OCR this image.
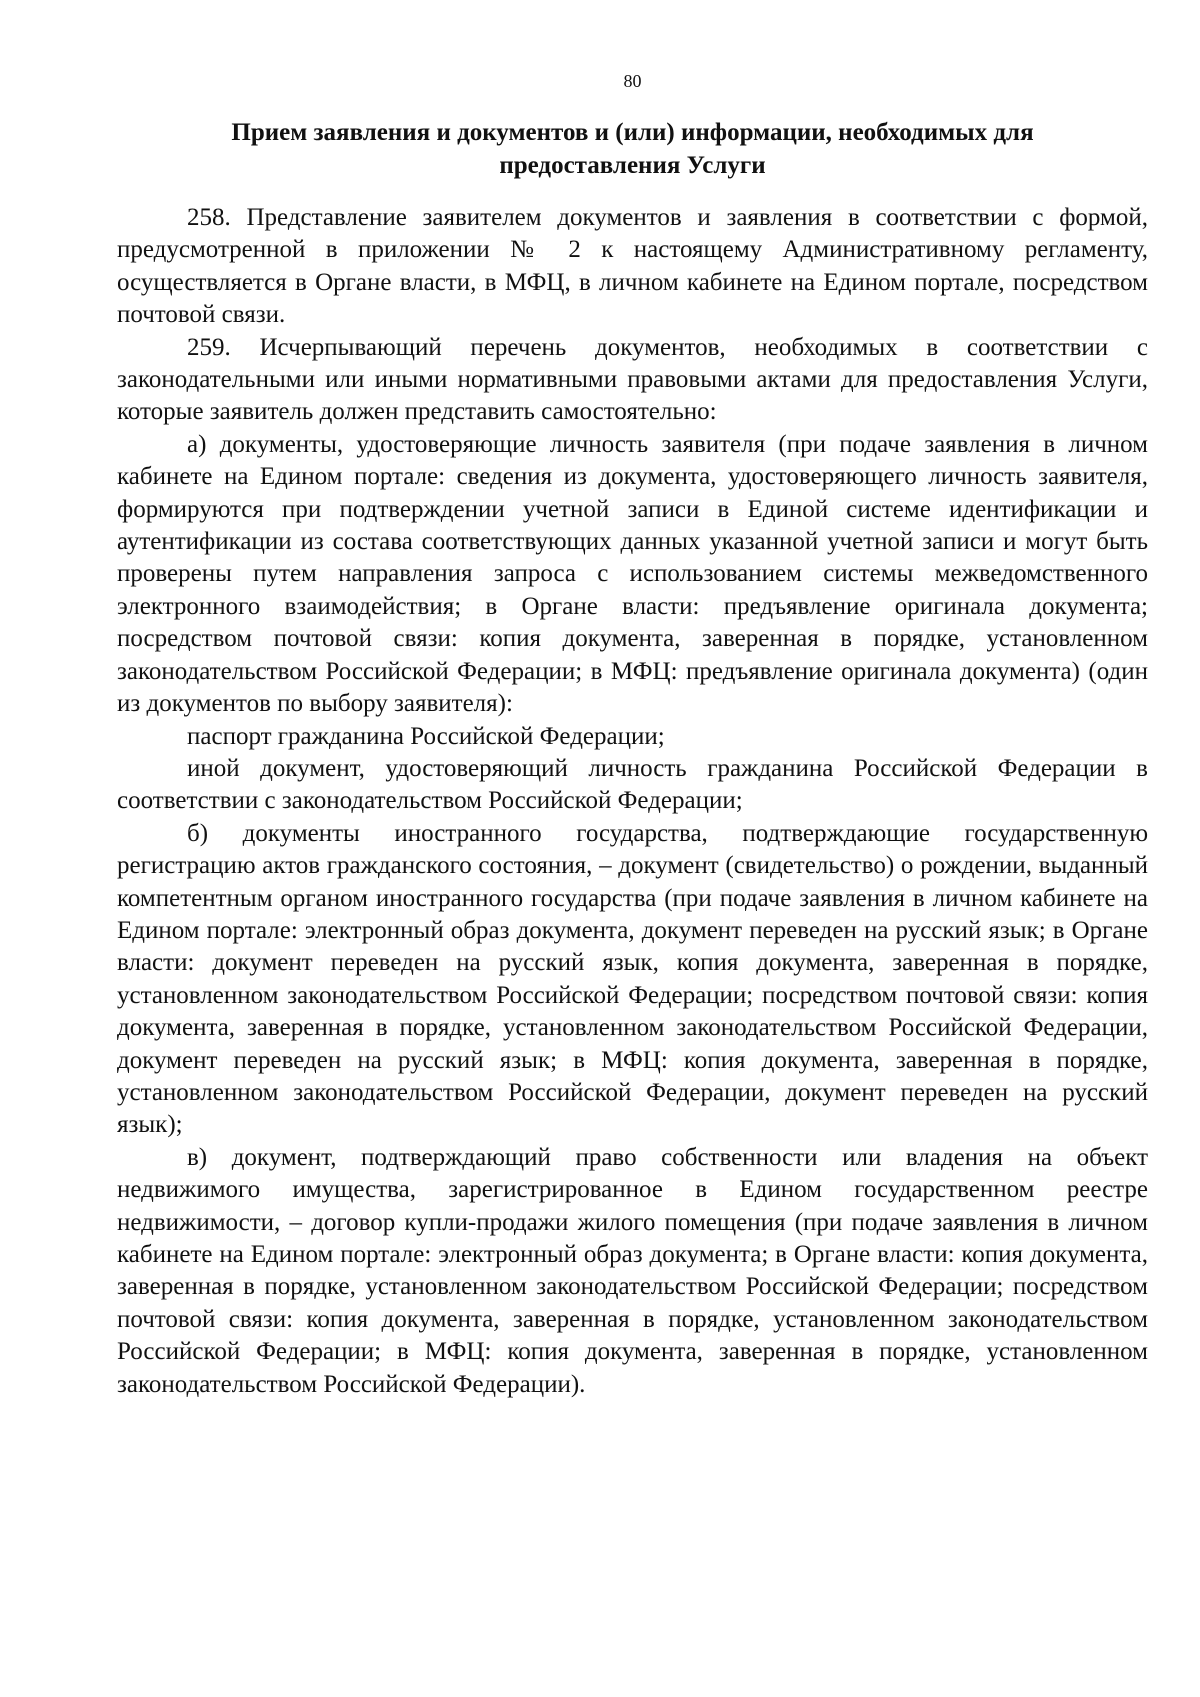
80
Прием заявления и документов и (или) информации, необходимых для
предоставления Услуги

258. Представление заявителем документов и заявления в соответствии с формой, предусмотренной в приложении № 2 к настоящему Административному регламенту, осуществляется в Органе власти, в МФЦ, в личном кабинете на Едином портале, посредством почтовой связи.

259. Исчерпывающий перечень документов, необходимых в соответствии с законодательными или иными нормативными правовыми актами для предоставления Услуги, которые заявитель должен представить самостоятельно:

а) документы, удостоверяющие личность заявителя (при подаче заявления в личном кабинете на Едином портале: сведения из документа, удостоверяющего личность заявителя, формируются при подтверждении учетной записи в Единой системе идентификации и аутентификации из состава соответствующих данных указанной учетной записи и могут быть проверены путем направления запроса с использованием системы межведомственного электронного взаимодействия; в Органе власти: предъявление оригинала документа; посредством почтовой связи: копия документа, заверенная в порядке, установленном законодательством Российской Федерации; в МФЦ: предъявление оригинала документа) (один из документов по выбору заявителя):

паспорт гражданина Российской Федерации;

иной документ, удостоверяющий личность гражданина Российской Федерации в соответствии с законодательством Российской Федерации;

б) документы иностранного государства, подтверждающие государственную регистрацию актов гражданского состояния, – документ (свидетельство) о рождении, выданный компетентным органом иностранного государства (при подаче заявления в личном кабинете на Едином портале: электронный образ документа, документ переведен на русский язык; в Органе власти: документ переведен на русский язык, копия документа, заверенная в порядке, установленном законодательством Российской Федерации; посредством почтовой связи: копия документа, заверенная в порядке, установленном законодательством Российской Федерации, документ переведен на русский язык; в МФЦ: копия документа, заверенная в порядке, установленном законодательством Российской Федерации, документ переведен на русский язык);

в) документ, подтверждающий право собственности или владения на объект недвижимого имущества, зарегистрированное в Едином государственном реестре недвижимости, – договор купли-продажи жилого помещения (при подаче заявления в личном кабинете на Едином портале: электронный образ документа; в Органе власти: копия документа, заверенная в порядке, установленном законодательством Российской Федерации; посредством почтовой связи: копия документа, заверенная в порядке, установленном законодательством Российской Федерации; в МФЦ: копия документа, заверенная в порядке, установленном законодательством Российской Федерации).
